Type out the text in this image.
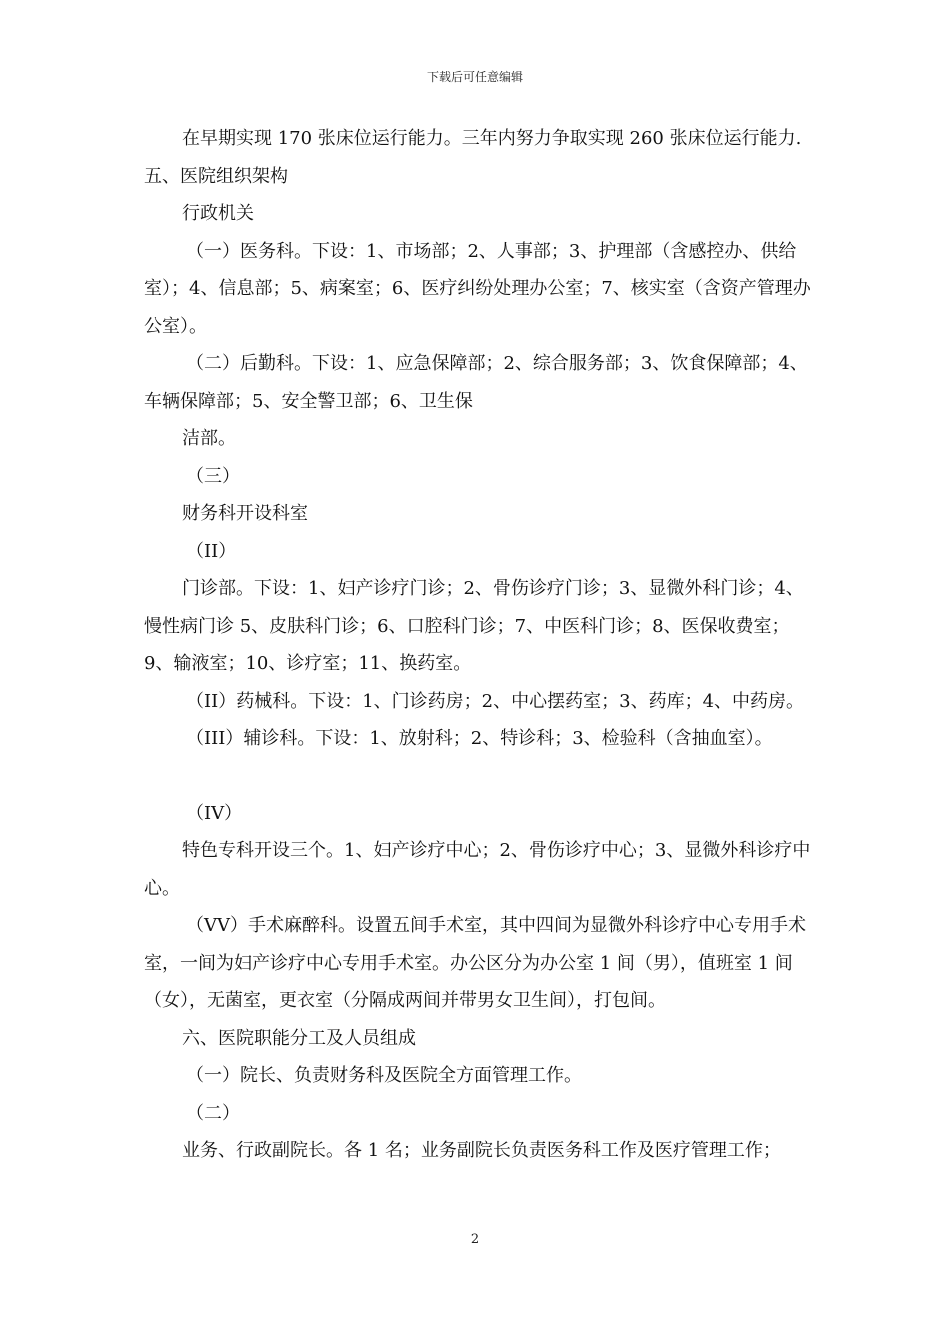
下载后可任意编辑

在早期实现 170 张床位运行能力。三年内努力争取实现 260 张床位运行能力.五、医院组织架构

行政机关

（一）医务科。下设：1、市场部；2、人事部；3、护理部（含感控办、供给室）；4、信息部；5、病案室；6、医疗纠纷处理办公室；7、核实室（含资产管理办公室）。

（二）后勤科。下设：1、应急保障部；2、综合服务部；3、饮食保障部；4、车辆保障部；5、安全警卫部；6、卫生保

洁部。

（三）

财务科开设科室

（II）

门诊部。下设：1、妇产诊疗门诊；2、骨伤诊疗门诊；3、显微外科门诊；4、慢性病门诊 5、皮肤科门诊；6、口腔科门诊；7、中医科门诊；8、医保收费室；9、输液室；10、诊疗室；11、换药室。

（II）药械科。下设：1、门诊药房；2、中心摆药室；3、药库；4、中药房。

（III）辅诊科。下设：1、放射科；2、特诊科；3、检验科（含抽血室）。

（IV）

特色专科开设三个。1、妇产诊疗中心；2、骨伤诊疗中心；3、显微外科诊疗中心。

（VV）手术麻醉科。设置五间手术室，其中四间为显微外科诊疗中心专用手术室，一间为妇产诊疗中心专用手术室。办公区分为办公室 1 间（男），值班室 1 间（女），无菌室，更衣室（分隔成两间并带男女卫生间），打包间。

六、医院职能分工及人员组成

（一）院长、负责财务科及医院全方面管理工作。

（二）

业务、行政副院长。各 1 名；业务副院长负责医务科工作及医疗管理工作；

2
